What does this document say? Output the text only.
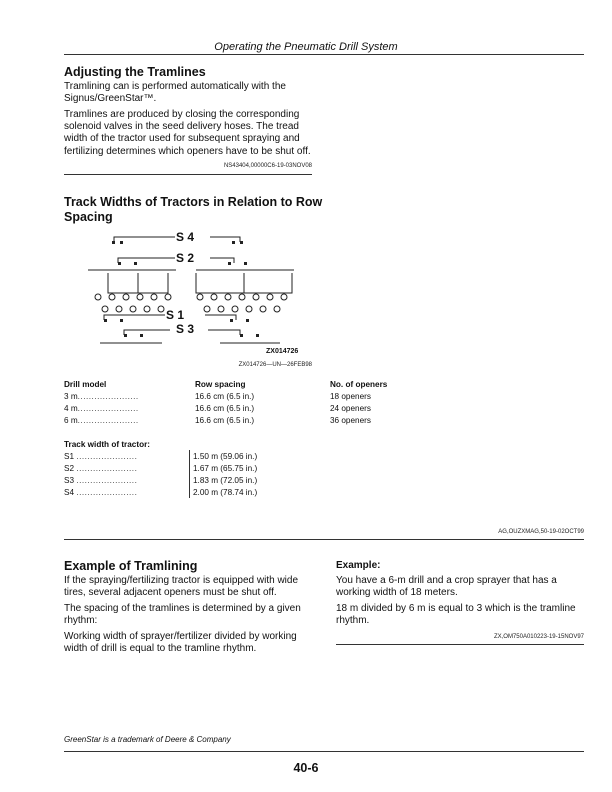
Operating the Pneumatic Drill System
Adjusting the Tramlines

Tramlining can is performed automatically with the Signus/GreenStar™.

Tramlines are produced by closing the corresponding solenoid valves in the seed delivery hoses. The tread width of the tractor used for subsequent spraying and fertilizing determines which openers have to be shut off.

NS43404,00000C6-19-03NOV08
Track Widths of Tractors in Relation to Row
Spacing
S 4
S 2
S 1
S 3
ZX014726
ZX014726—UN—26FEB98
Drill model	Row spacing	No. of openers
3 m......................	16.6 cm (6.5 in.)	18 openers
4 m......................	16.6 cm (6.5 in.)	24 openers
6 m......................	16.6 cm (6.5 in.)	36 openers
Track width of tractor:	
S1 ......................	1.50 m (59.06 in.)
S2 ......................	1.67 m (65.75 in.)
S3 ......................	1.83 m (72.05 in.)
S4 ......................	2.00 m (78.74 in.)
AG,OUZXMAG,50-19-02OCT99
Example of Tramlining

If the spraying/fertilizing tractor is equipped with wide tires, several adjacent openers must be shut off.

The spacing of the tramlines is determined by a given rhythm:

Working width of sprayer/fertilizer divided by working width of drill is equal to the tramline rhythm.

Example:

You have a 6-m drill and a crop sprayer that has a working width of 18 meters.

18 m divided by 6 m is equal to 3 which is the tramline rhythm.

ZX,OM750A010223-19-15NOV97
GreenStar is a trademark of Deere & Company
40-6
